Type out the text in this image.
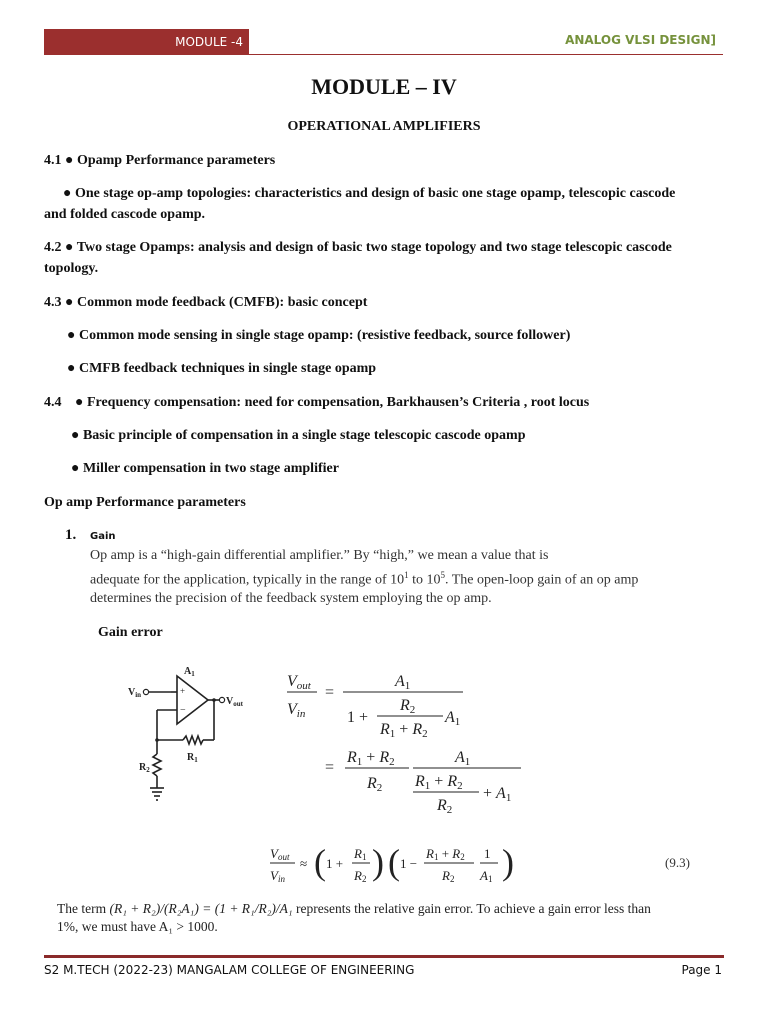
MODULE -4	ANALOG VLSI DESIGN]
MODULE – IV
OPERATIONAL AMPLIFIERS
4.1 ● Opamp Performance parameters
● One stage op-amp topologies: characteristics and design of basic one stage opamp, telescopic cascode
and folded cascode opamp.
4.2 ● Two stage Opamps: analysis and design of basic two stage topology and two stage telescopic cascode
topology.
4.3 ● Common mode feedback (CMFB): basic concept
● Common mode sensing in single stage opamp: (resistive feedback, source follower)
● CMFB feedback techniques in single stage opamp
4.4 ● Frequency compensation: need for compensation, Barkhausen’s Criteria , root locus
● Basic principle of compensation in a single stage telescopic cascode opamp
● Miller compensation in two stage amplifier
Op amp Performance parameters
1. Gain
Op amp is a “high-gain differential amplifier.” By “high,” we mean a value that is
adequate for the application, typically in the range of $10^1$ to $10^5$. The open-loop gain of an op amp
determines the precision of the feedback system employing the op amp.
Gain error
+
−
$A_1$
$V_{in}$
$V_{out}$
$R_1$
$R_2$
Vout
Vin
=
A1
1 +
R2
R1 + R2
A1
=
R1 + R2
R2
A1
R1 + R2
R2
+ A1
Vout
Vin
≈ ( 1 +
R1
R2 ) ( 1 −
R1 + R2
R2
1
A1 )	(9.3)
The term (R₁ + R₂)/(R₂A₁) = (1 + R₁/R₂)/A₁ represents the relative gain error. To achieve a gain error less than
1%, we must have A₁ > 1000.
S2 M.TECH (2022-23) MANGALAM COLLEGE OF ENGINEERING	Page 1
